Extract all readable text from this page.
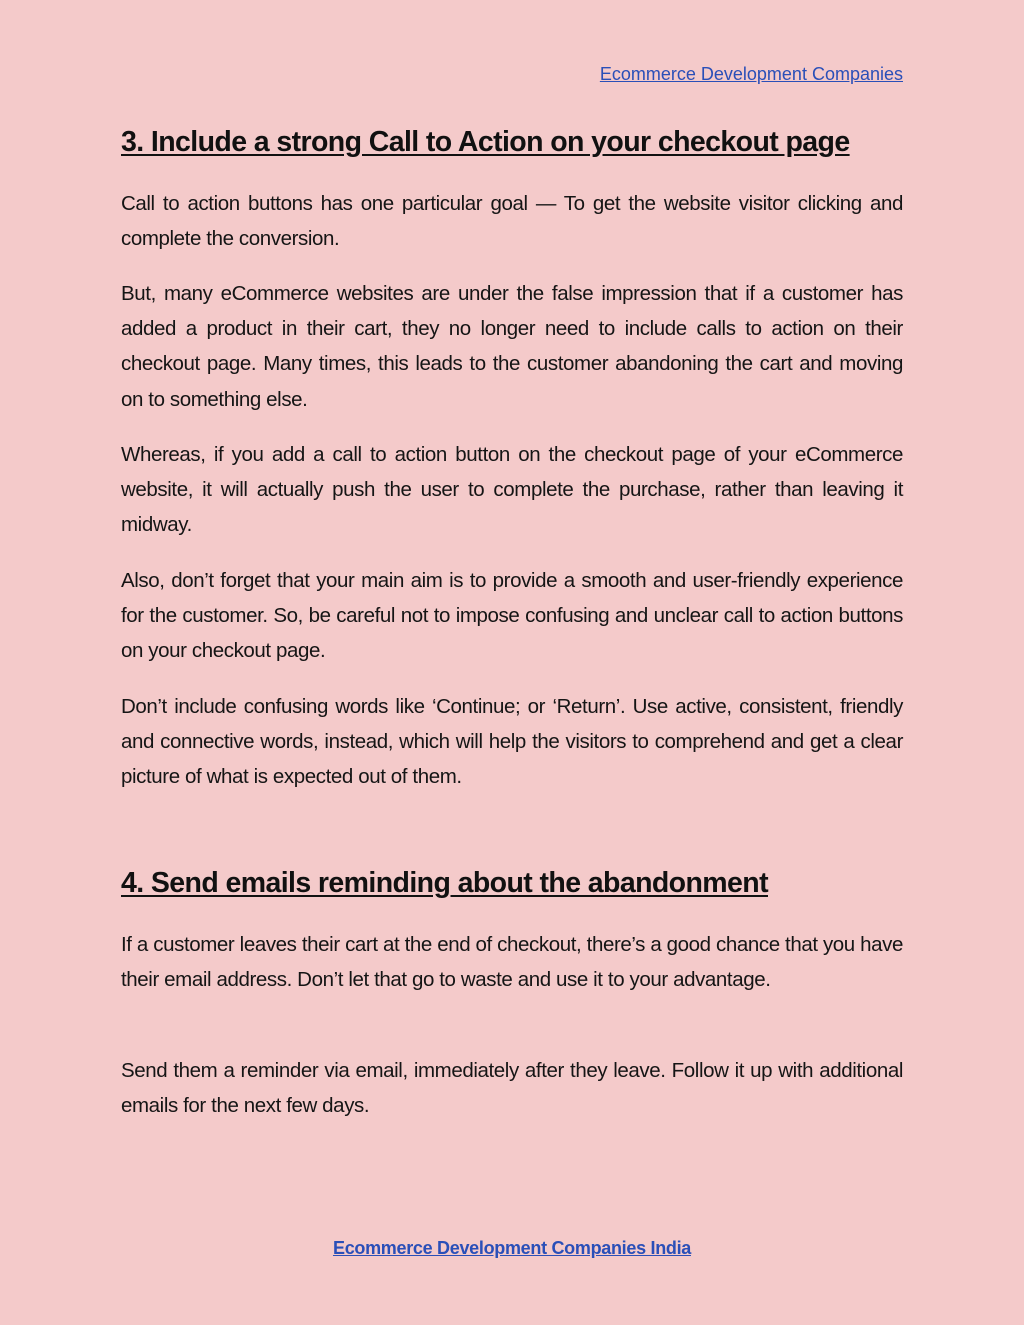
Ecommerce Development Companies
3. Include a strong Call to Action on your checkout page

Call to action buttons has one particular goal — To get the website visitor clicking and complete the conversion.

But, many eCommerce websites are under the false impression that if a customer has added a product in their cart, they no longer need to include calls to action on their checkout page. Many times, this leads to the customer abandoning the cart and moving on to something else.

Whereas, if you add a call to action button on the checkout page of your eCommerce website, it will actually push the user to complete the purchase, rather than leaving it midway.

Also, don’t forget that your main aim is to provide a smooth and user-friendly experience for the customer. So, be careful not to impose confusing and unclear call to action buttons on your checkout page.

Don’t include confusing words like ‘Continue; or ‘Return’. Use active, consistent, friendly and connective words, instead, which will help the visitors to comprehend and get a clear picture of what is expected out of them.

4. Send emails reminding about the abandonment

If a customer leaves their cart at the end of checkout, there’s a good chance that you have their email address. Don’t let that go to waste and use it to your advantage.

Send them a reminder via email, immediately after they leave. Follow it up with additional emails for the next few days.

Ecommerce Development Companies India
